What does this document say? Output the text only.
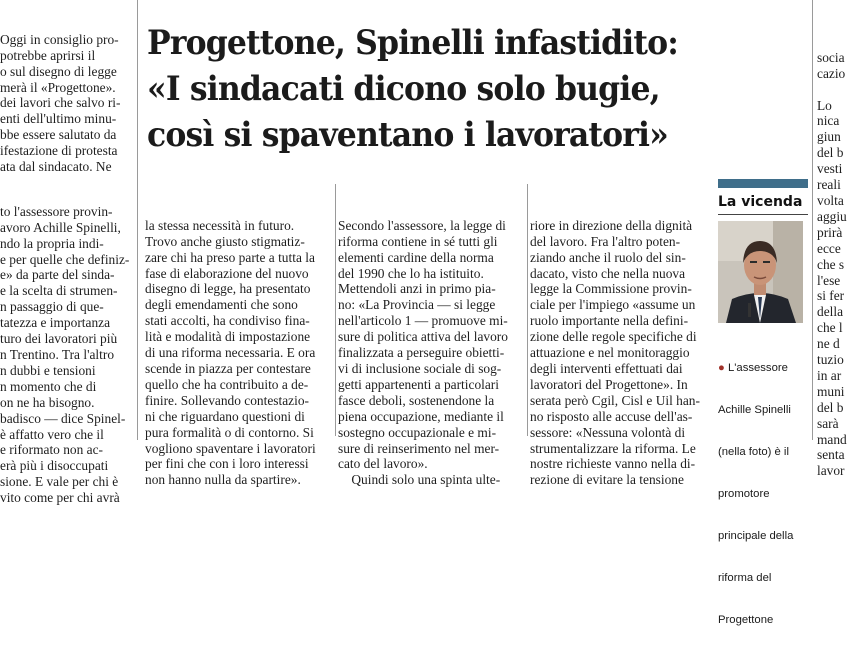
Oggi in consiglio pro-
potrebbe aprirsi il
o sul disegno di legge
merà il «Progettone».
dei lavori che salvo ri-
enti dell'ultimo minu-
bbe essere salutato da
ifestazione di protesta
ata dal sindacato. Ne

to l'assessore provin-
avoro Achille Spinelli,
ndo la propria indi-
e per quelle che definiz-
e» da parte del sinda-
e la scelta di strumen-
n passaggio di que-
tatezza e importanza
turo dei lavoratori più
n Trentino. Tra l'altro
n dubbi e tensioni
n momento che di
on ne ha bisogno.
badisco — dice Spinel-
è affatto vero che il
e riformato non ac-
erà più i disoccupati
sione. E vale per chi è
vito come per chi avrà

Progettone, Spinelli infastidito:
«I sindacati dicono solo bugie,
così si spaventano i lavoratori»

la stessa necessità in futuro.
Trovo anche giusto stigmatiz-
zare chi ha preso parte a tutta la
fase di elaborazione del nuovo
disegno di legge, ha presentato
degli emendamenti che sono
stati accolti, ha condiviso fina-
lità e modalità di impostazione
di una riforma necessaria. E ora
scende in piazza per contestare
quello che ha contribuito a de-
finire. Sollevando contestazio-
ni che riguardano questioni di
pura formalità o di contorno. Si
vogliono spaventare i lavoratori
per fini che con i loro interessi
non hanno nulla da spartire».

Secondo l'assessore, la legge di
riforma contiene in sé tutti gli
elementi cardine della norma
del 1990 che lo ha istituito.
Mettendoli anzi in primo pia-
no: «La Provincia — si legge
nell'articolo 1 — promuove mi-
sure di politica attiva del lavoro
finalizzata a perseguire obietti-
vi di inclusione sociale di sog-
getti appartenenti a particolari
fasce deboli, sostenendone la
piena occupazione, mediante il
sostegno occupazionale e mi-
sure di reinserimento nel mer-
cato del lavoro».
Quindi solo una spinta ulte-

riore in direzione della dignità
del lavoro. Fra l'altro poten-
ziando anche il ruolo del sin-
dacato, visto che nella nuova
legge la Commissione provin-
ciale per l'impiego «assume un
ruolo importante nella defini-
zione delle regole specifiche di
attuazione e nel monitoraggio
degli interventi effettuati dai
lavoratori del Progettone». In
serata però Cgil, Cisl e Uil han-
no risposto alle accuse dell'as-
sessore: «Nessuna volontà di
strumentalizzare la riforma. Le
nostre richieste vanno nella di-
rezione di evitare la tensione

La vicenda

● L'assessore

Achille Spinelli

(nella foto) è il

promotore

principale della

riforma del

Progettone

socia
cazio

Lo
nica
giun
del b
vesti
reali
volta
aggiu
prirà
ecce
che s
l'ese
si fer
della
che l
ne d
tuzio
in ar
muni
del b
sarà
mand
senta
lavor
